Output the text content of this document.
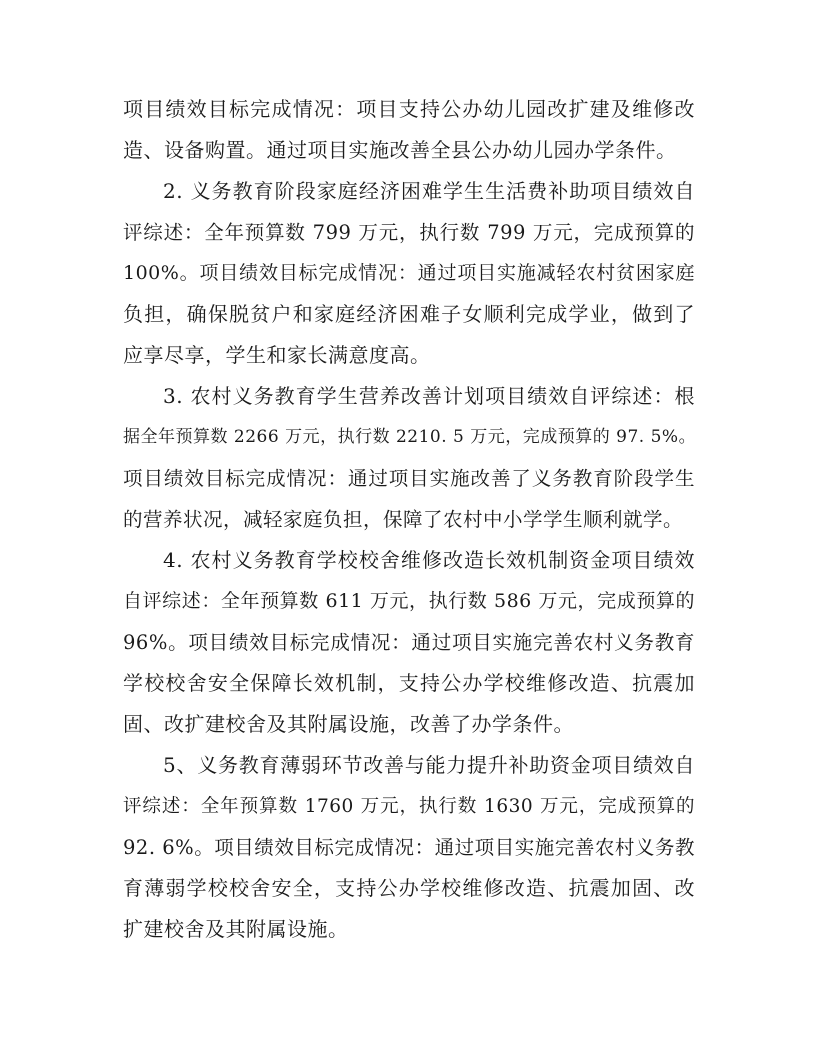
项目绩效目标完成情况：项目支持公办幼儿园改扩建及维修改
造、设备购置。通过项目实施改善全县公办幼儿园办学条件。
2. 义务教育阶段家庭经济困难学生生活费补助项目绩效自
评综述：全年预算数 799 万元，执行数 799 万元，完成预算的
100%。项目绩效目标完成情况：通过项目实施减轻农村贫困家庭
负担，确保脱贫户和家庭经济困难子女顺利完成学业，做到了
应享尽享，学生和家长满意度高。
3. 农村义务教育学生营养改善计划项目绩效自评综述：根
据全年预算数 2266 万元，执行数 2210. 5 万元，完成预算的 97. 5%。
项目绩效目标完成情况：通过项目实施改善了义务教育阶段学生
的营养状况，减轻家庭负担，保障了农村中小学学生顺利就学。
4. 农村义务教育学校校舍维修改造长效机制资金项目绩效
自评综述：全年预算数 611 万元，执行数 586 万元，完成预算的
96%。项目绩效目标完成情况：通过项目实施完善农村义务教育
学校校舍安全保障长效机制，支持公办学校维修改造、抗震加
固、改扩建校舍及其附属设施，改善了办学条件。
5、义务教育薄弱环节改善与能力提升补助资金项目绩效自
评综述：全年预算数 1760 万元，执行数 1630 万元，完成预算的
92. 6%。项目绩效目标完成情况：通过项目实施完善农村义务教
育薄弱学校校舍安全，支持公办学校维修改造、抗震加固、改
扩建校舍及其附属设施。
